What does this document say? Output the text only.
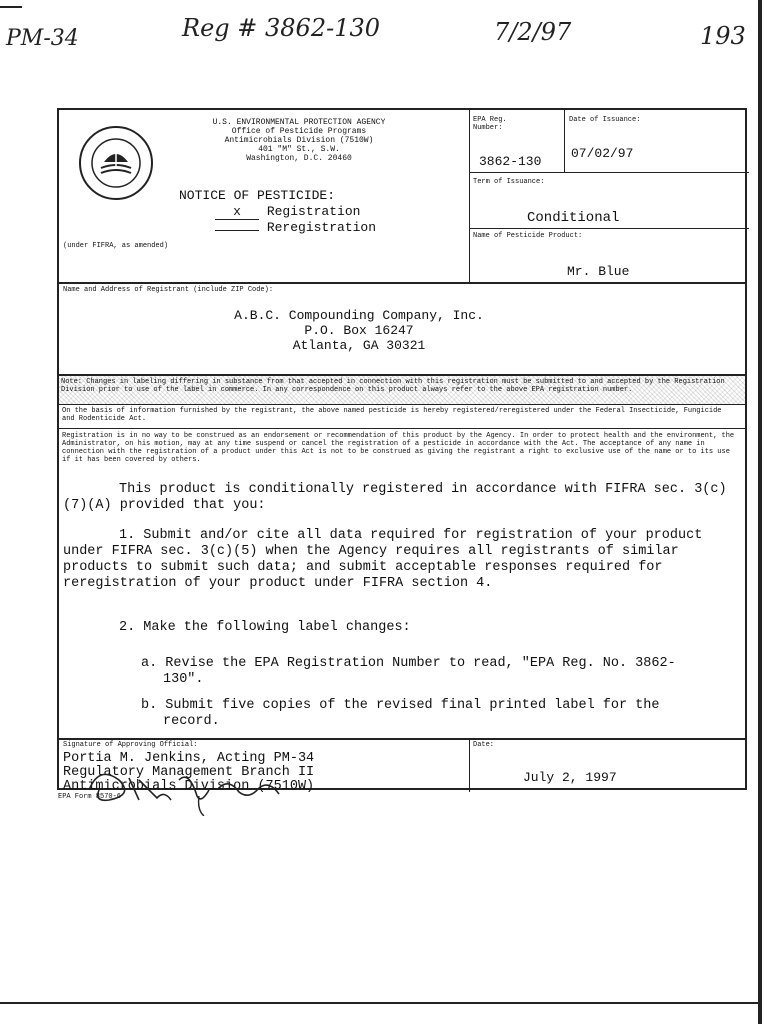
PM-34	Reg # 3862-130	7/2/97	193
U.S. ENVIRONMENTAL PROTECTION AGENCY
Office of Pesticide Programs
Antimicrobials Division (7510W)
401 "M" St., S.W.
Washington, D.C. 20460
NOTICE OF PESTICIDE:
x Registration
Reregistration
(under FIFRA, as amended)
EPA Reg. Number:
3862-130
Date of Issuance:
07/02/97
Term of Issuance:
Conditional
Name of Pesticide Product:
Mr. Blue
Name and Address of Registrant (include ZIP Code):
A.B.C. Compounding Company, Inc.
P.O. Box 16247
Atlanta, GA 30321
Note: Changes in labeling differing in substance from that accepted in connection with this registration must be submitted to and accepted by the Registration Division prior to use of the label in commerce. In any correspondence on this product always refer to the above EPA registration number.
On the basis of information furnished by the registrant, the above named pesticide is hereby registered/reregistered under the Federal Insecticide, Fungicide and Rodenticide Act.
Registration is in no way to be construed as an endorsement or recommendation of this product by the Agency. In order to protect health and the environment, the Administrator, on his motion, may at any time suspend or cancel the registration of a pesticide in accordance with the Act. The acceptance of any name in connection with the registration of a product under this Act is not to be construed as giving the registrant a right to exclusive use of the name or to its use if it has been covered by others.
This product is conditionally registered in accordance with FIFRA sec. 3(c)(7)(A) provided that you:
1. Submit and/or cite all data required for registration of your product under FIFRA sec. 3(c)(5) when the Agency requires all registrants of similar products to submit such data; and submit acceptable responses required for reregistration of your product under FIFRA section 4.
2. Make the following label changes:
a. Revise the EPA Registration Number to read, "EPA Reg. No. 3862-130".
b. Submit five copies of the revised final printed label for the record.
Signature of Approving Official:
Portia M. Jenkins, Acting PM-34
Regulatory Management Branch II
Antimicrobials Division (7510W)
Date:
July 2, 1997
EPA Form 8570-6
